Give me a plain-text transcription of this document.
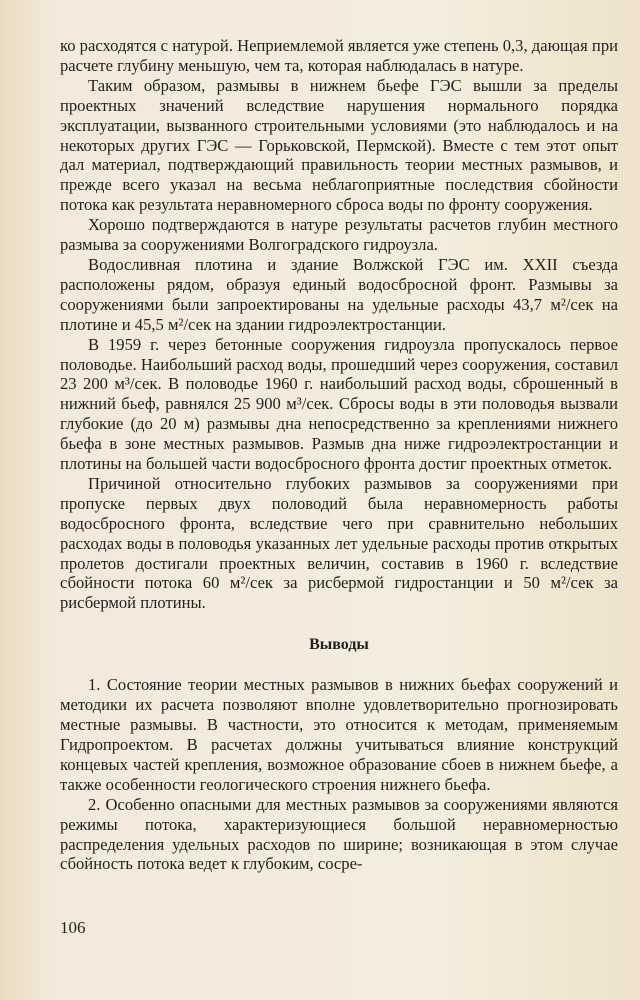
ко расходятся с натурой. Неприемлемой является уже степень 0,3, дающая при расчете глубину меньшую, чем та, которая наблюдалась в натуре.

Таким образом, размывы в нижнем бьефе ГЭС вышли за пределы проектных значений вследствие нарушения нормального порядка эксплуатации, вызванного строительными условиями (это наблюдалось и на некоторых других ГЭС — Горьковской, Пермской). Вместе с тем этот опыт дал материал, подтверждающий правильность теории местных размывов, и прежде всего указал на весьма неблагоприятные последствия сбойности потока как результата неравномерного сброса воды по фронту сооружения.

Хорошо подтверждаются в натуре результаты расчетов глубин местного размыва за сооружениями Волгоградского гидроузла.

Водосливная плотина и здание Волжской ГЭС им. XXII съезда расположены рядом, образуя единый водосбросной фронт. Размывы за сооружениями были запроектированы на удельные расходы 43,7 м²/сек на плотине и 45,5 м²/сек на здании гидроэлектростанции.

В 1959 г. через бетонные сооружения гидроузла пропускалось первое половодье. Наибольший расход воды, прошедший через сооружения, составил 23 200 м³/сек. В половодье 1960 г. наибольший расход воды, сброшенный в нижний бьеф, равнялся 25 900 м³/сек. Сбросы воды в эти половодья вызвали глубокие (до 20 м) размывы дна непосредственно за креплениями нижнего бьефа в зоне местных размывов. Размыв дна ниже гидроэлектростанции и плотины на большей части водосбросного фронта достиг проектных отметок.

Причиной относительно глубоких размывов за сооружениями при пропуске первых двух половодий была неравномерность работы водосбросного фронта, вследствие чего при сравнительно небольших расходах воды в половодья указанных лет удельные расходы против открытых пролетов достигали проектных величин, составив в 1960 г. вследствие сбойности потока 60 м²/сек за рисбермой гидростанции и 50 м²/сек за рисбермой плотины.

Выводы

1. Состояние теории местных размывов в нижних бьефах сооружений и методики их расчета позволяют вполне удовлетворительно прогнозировать местные размывы. В частности, это относится к методам, применяемым Гидропроектом. В расчетах должны учитываться влияние конструкций концевых частей крепления, возможное образование сбоев в нижнем бьефе, а также особенности геологического строения нижнего бьефа.

2. Особенно опасными для местных размывов за сооружениями являются режимы потока, характеризующиеся большой неравномерностью распределения удельных расходов по ширине; возникающая в этом случае сбойность потока ведет к глубоким, сосре-

106
